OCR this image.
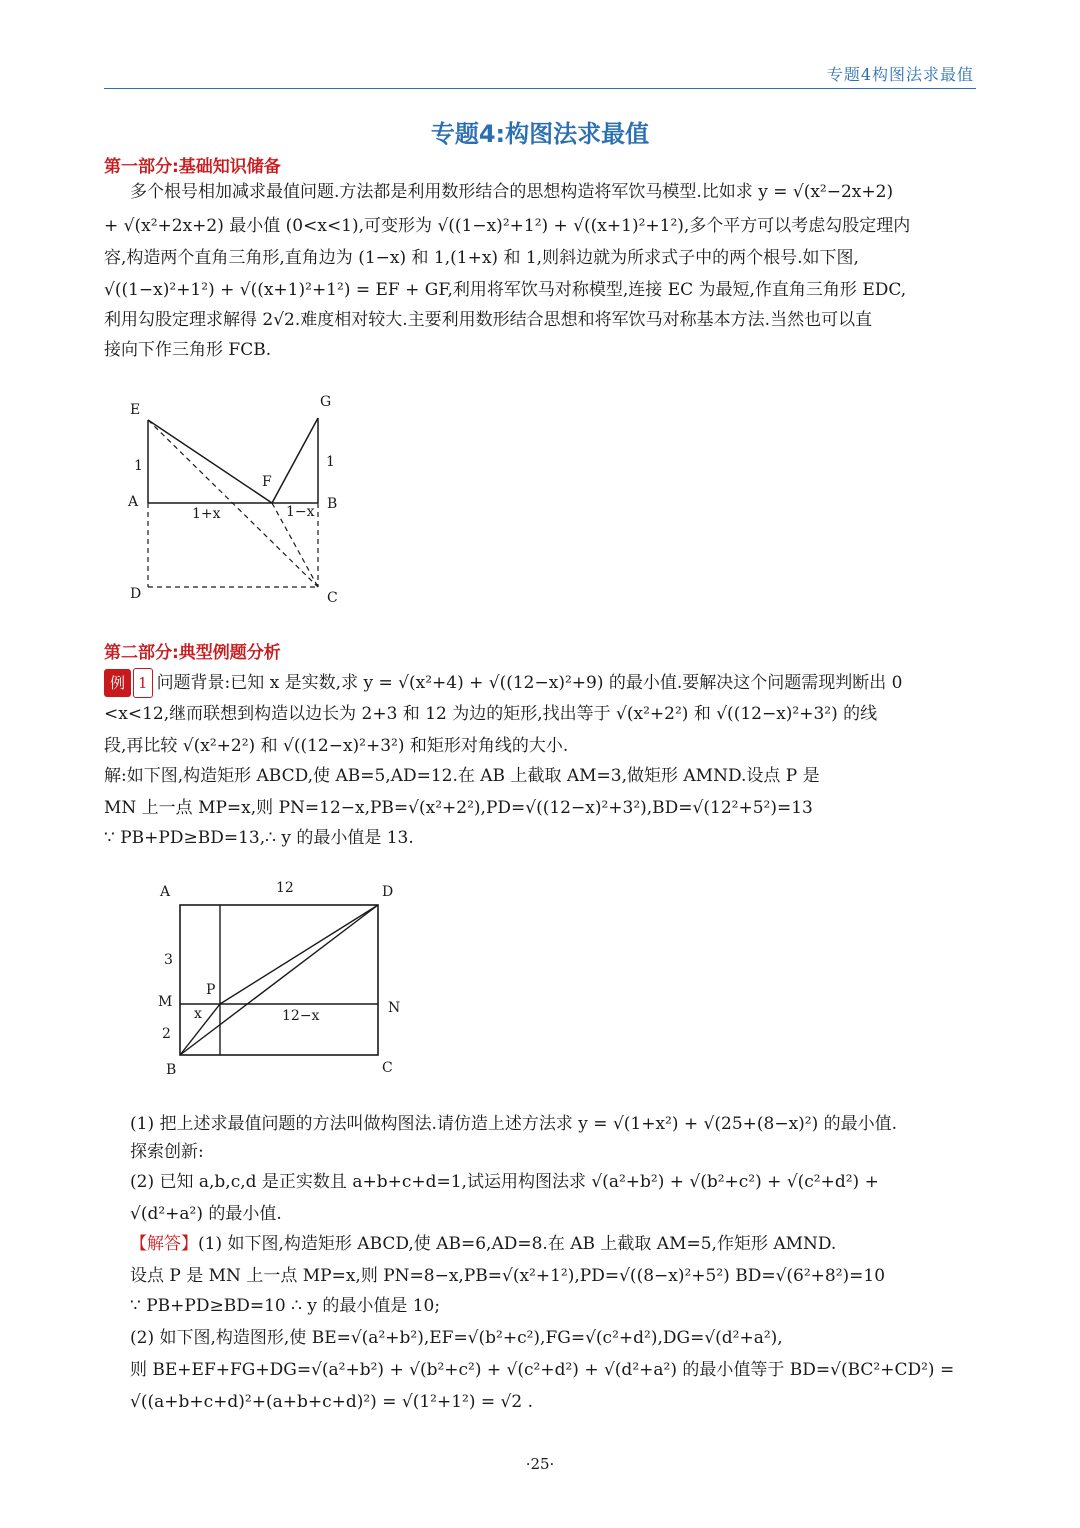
专题4构图法求最值
专题4:构图法求最值
第一部分:基础知识储备
多个根号相加减求最值问题.方法都是利用数形结合的思想构造将军饮马模型.比如求 y = √(x²−2x+2)
+ √(x²+2x+2) 最小值 (0<x<1),可变形为 √((1−x)²+1²) + √((x+1)²+1²),多个平方可以考虑勾股定理内
容,构造两个直角三角形,直角边为 (1−x) 和 1,(1+x) 和 1,则斜边就为所求式子中的两个根号.如下图,
√((1−x)²+1²) + √((x+1)²+1²) = EF + GF,利用将军饮马对称模型,连接 EC 为最短,作直角三角形 EDC,
利用勾股定理求解得 2√2.难度相对较大.主要利用数形结合思想和将军饮马对称基本方法.当然也可以直
接向下作三角形 FCB.
E	G
1	1
F
A	B
1+x	1−x
D	C
第二部分:典型例题分析
例 1 问题背景:已知 x 是实数,求 y = √(x²+4) + √((12−x)²+9) 的最小值.要解决这个问题需现判断出 0
<x<12,继而联想到构造以边长为 2+3 和 12 为边的矩形,找出等于 √(x²+2²) 和 √((12−x)²+3²) 的线
段,再比较 √(x²+2²) 和 √((12−x)²+3²) 和矩形对角线的大小.
解:如下图,构造矩形 ABCD,使 AB=5,AD=12.在 AB 上截取 AM=3,做矩形 AMND.设点 P 是
MN 上一点 MP=x,则 PN=12−x,PB=√(x²+2²),PD=√((12−x)²+3²),BD=√(12²+5²)=13
∵ PB+PD≥BD=13,∴ y 的最小值是 13.
A	12	D
3
M
P
N
x	12−x
2
B	C
(1) 把上述求最值问题的方法叫做构图法.请仿造上述方法求 y = √(1+x²) + √(25+(8−x)²) 的最小值.
探索创新:
(2) 已知 a,b,c,d 是正实数且 a+b+c+d=1,试运用构图法求 √(a²+b²) + √(b²+c²) + √(c²+d²) +
√(d²+a²) 的最小值.
【解答】(1) 如下图,构造矩形 ABCD,使 AB=6,AD=8.在 AB 上截取 AM=5,作矩形 AMND.
设点 P 是 MN 上一点 MP=x,则 PN=8−x,PB=√(x²+1²),PD=√((8−x)²+5²) BD=√(6²+8²)=10
∵ PB+PD≥BD=10 ∴ y 的最小值是 10;
(2) 如下图,构造图形,使 BE=√(a²+b²),EF=√(b²+c²),FG=√(c²+d²),DG=√(d²+a²),
则 BE+EF+FG+DG=√(a²+b²) + √(b²+c²) + √(c²+d²) + √(d²+a²) 的最小值等于 BD=√(BC²+CD²) =
√((a+b+c+d)²+(a+b+c+d)²) = √(1²+1²) = √2 .
·25·
